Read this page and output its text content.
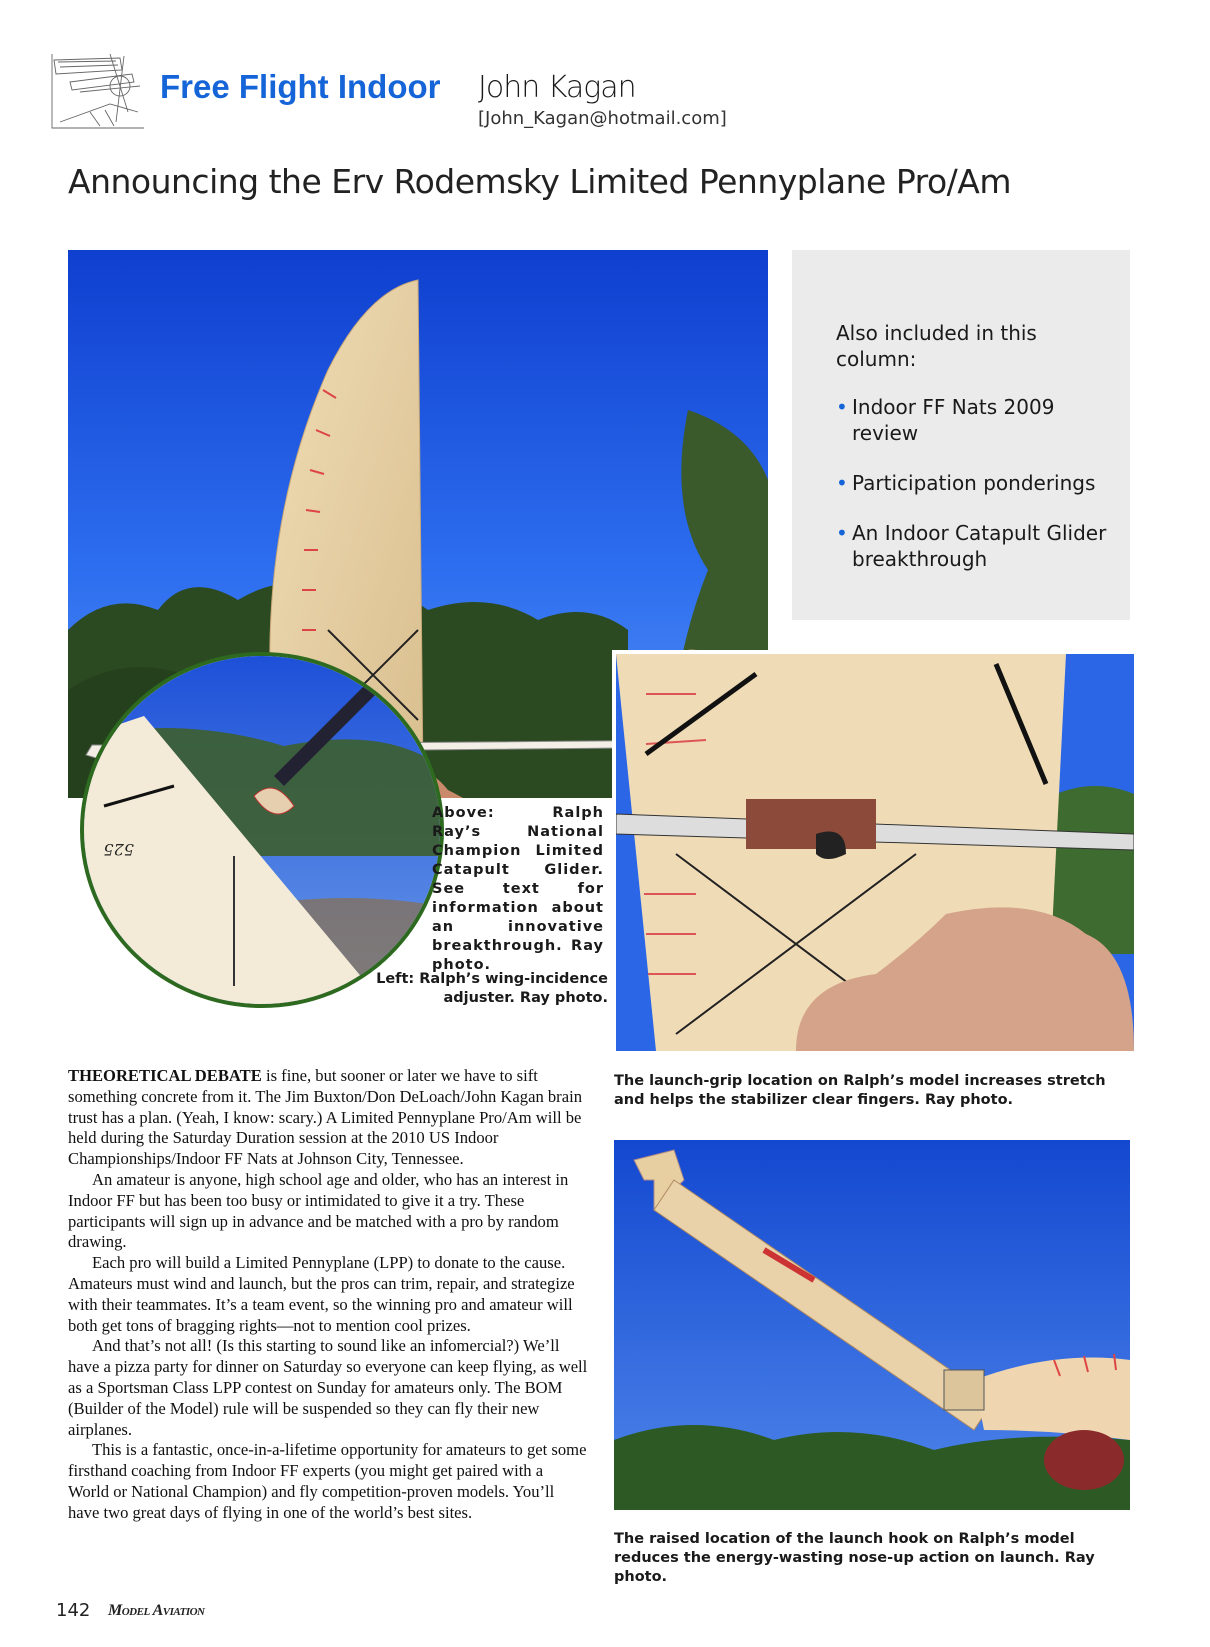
Free Flight Indoor John Kagan
[John_Kagan@hotmail.com]
Announcing the Erv Rodemsky Limited Pennyplane Pro/Am
Also included in this column:
• Indoor FF Nats 2009 review
• Participation ponderings
• An Indoor Catapult Glider breakthrough
525
Above: Ralph Ray’s National Champion Limited Catapult Glider. See text for information about an innovative breakthrough. Ray photo.
Left: Ralph’s wing-incidence adjuster. Ray photo.
The launch-grip location on Ralph’s model increases stretch and helps the stabilizer clear fingers. Ray photo.
The raised location of the launch hook on Ralph’s model reduces the energy-wasting nose-up action on launch. Ray photo.

THEORETICAL DEBATE is fine, but sooner or later we have to sift something concrete from it. The Jim Buxton/Don DeLoach/John Kagan brain trust has a plan. (Yeah, I know: scary.) A Limited Pennyplane Pro/Am will be held during the Saturday Duration session at the 2010 US Indoor Championships/Indoor FF Nats at Johnson City, Tennessee.

An amateur is anyone, high school age and older, who has an interest in Indoor FF but has been too busy or intimidated to give it a try. These participants will sign up in advance and be matched with a pro by random drawing.

Each pro will build a Limited Pennyplane (LPP) to donate to the cause. Amateurs must wind and launch, but the pros can trim, repair, and strategize with their teammates. It’s a team event, so the winning pro and amateur will both get tons of bragging rights—not to mention cool prizes.

And that’s not all! (Is this starting to sound like an infomercial?) We’ll have a pizza party for dinner on Saturday so everyone can keep flying, as well as a Sportsman Class LPP contest on Sunday for amateurs only. The BOM (Builder of the Model) rule will be suspended so they can fly their new airplanes.

This is a fantastic, once-in-a-lifetime opportunity for amateurs to get some firsthand coaching from Indoor FF experts (you might get paired with a World or National Champion) and fly competition-proven models. You’ll have two great days of flying in one of the world’s best sites.

142 Model Aviation
